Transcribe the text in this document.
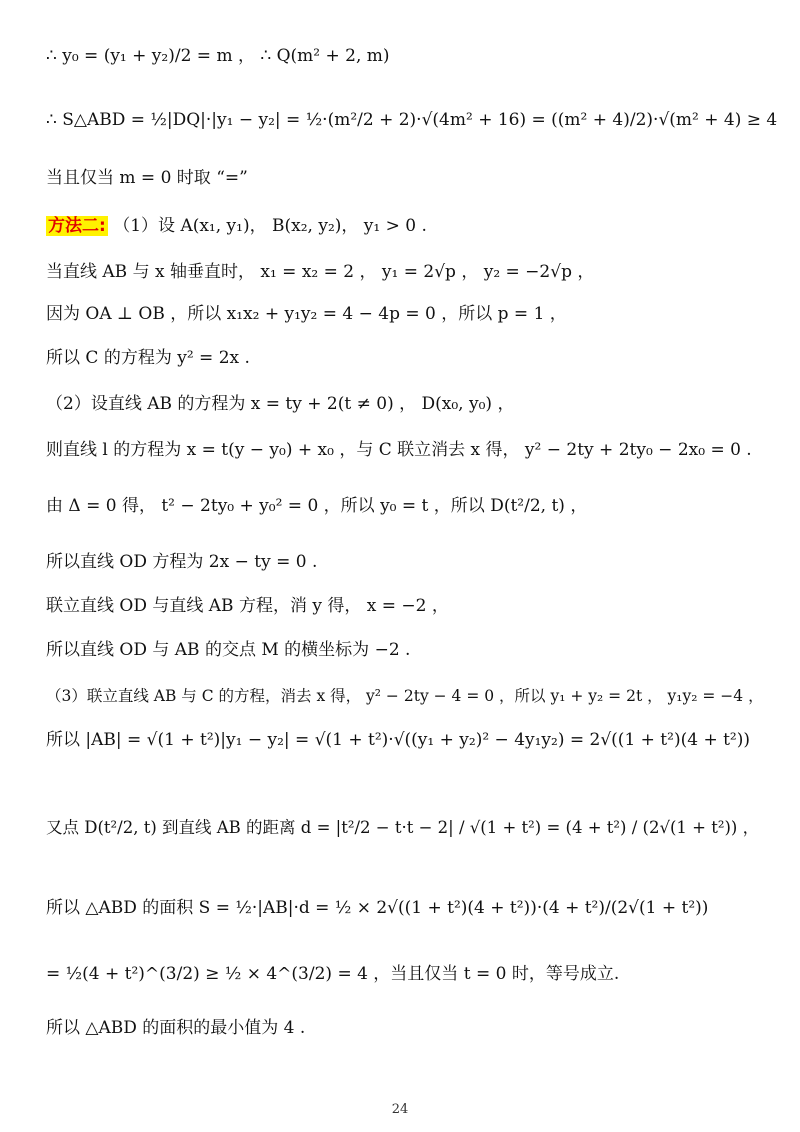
∴ y₀ = (y₁ + y₂)/2 = m ， ∴ Q(m² + 2, m)
∴ S△ABD = ½|DQ|·|y₁ − y₂| = ½·(m²/2 + 2)·√(4m² + 16) = ((m² + 4)/2)·√(m² + 4) ≥ 4
当且仅当 m = 0 时取 “=”
方法二: （1）设 A(x₁, y₁)， B(x₂, y₂)， y₁ > 0 .
当直线 AB 与 x 轴垂直时， x₁ = x₂ = 2 ， y₁ = 2√p ， y₂ = −2√p ，
因为 OA ⊥ OB ，所以 x₁x₂ + y₁y₂ = 4 − 4p = 0 ，所以 p = 1 ，
所以 C 的方程为 y² = 2x .
（2）设直线 AB 的方程为 x = ty + 2(t ≠ 0) ， D(x₀, y₀) ，
则直线 l 的方程为 x = t(y − y₀) + x₀ ，与 C 联立消去 x 得， y² − 2ty + 2ty₀ − 2x₀ = 0 .
由 Δ = 0 得， t² − 2ty₀ + y₀² = 0 ，所以 y₀ = t ，所以 D(t²/2, t) ，
所以直线 OD 方程为 2x − ty = 0 .
联立直线 OD 与直线 AB 方程，消 y 得， x = −2 ，
所以直线 OD 与 AB 的交点 M 的横坐标为 −2 .
（3）联立直线 AB 与 C 的方程，消去 x 得， y² − 2ty − 4 = 0 ，所以 y₁ + y₂ = 2t ， y₁y₂ = −4 ，
所以 |AB| = √(1 + t²)|y₁ − y₂| = √(1 + t²)·√((y₁ + y₂)² − 4y₁y₂) = 2√((1 + t²)(4 + t²))
又点 D(t²/2, t) 到直线 AB 的距离 d = |t²/2 − t·t − 2| / √(1 + t²) = (4 + t²) / (2√(1 + t²)) ，
所以 △ABD 的面积 S = ½·|AB|·d = ½ × 2√((1 + t²)(4 + t²))·(4 + t²)/(2√(1 + t²))
= ½(4 + t²)^(3/2) ≥ ½ × 4^(3/2) = 4 ，当且仅当 t = 0 时，等号成立.
所以 △ABD 的面积的最小值为 4 .
24
